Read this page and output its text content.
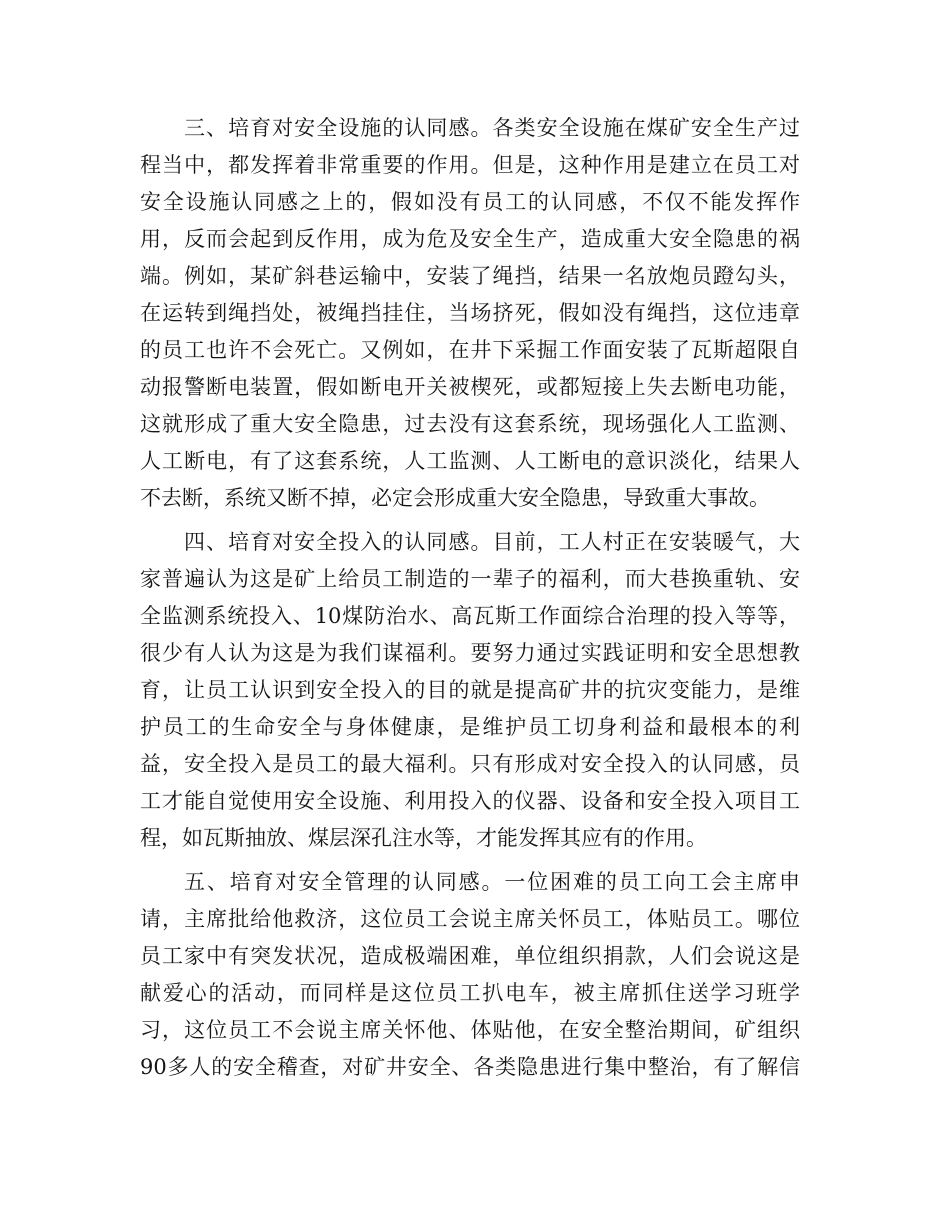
三、培育对安全设施的认同感。各类安全设施在煤矿安全生产过

程当中，都发挥着非常重要的作用。但是，这种作用是建立在员工对

安全设施认同感之上的，假如没有员工的认同感，不仅不能发挥作

用，反而会起到反作用，成为危及安全生产，造成重大安全隐患的祸

端。例如，某矿斜巷运输中，安装了绳挡，结果一名放炮员蹬勾头，

在运转到绳挡处，被绳挡挂住，当场挤死，假如没有绳挡，这位违章

的员工也许不会死亡。又例如，在井下采掘工作面安装了瓦斯超限自

动报警断电装置，假如断电开关被楔死，或都短接上失去断电功能，

这就形成了重大安全隐患，过去没有这套系统，现场强化人工监测、

人工断电，有了这套系统，人工监测、人工断电的意识淡化，结果人

不去断，系统又断不掉，必定会形成重大安全隐患，导致重大事故。

四、培育对安全投入的认同感。目前，工人村正在安装暖气，大

家普遍认为这是矿上给员工制造的一辈子的福利，而大巷换重轨、安

全监测系统投入、10煤防治水、高瓦斯工作面综合治理的投入等等，

很少有人认为这是为我们谋福利。要努力通过实践证明和安全思想教

育，让员工认识到安全投入的目的就是提高矿井的抗灾变能力，是维

护员工的生命安全与身体健康，是维护员工切身利益和最根本的利

益，安全投入是员工的最大福利。只有形成对安全投入的认同感，员

工才能自觉使用安全设施、利用投入的仪器、设备和安全投入项目工

程，如瓦斯抽放、煤层深孔注水等，才能发挥其应有的作用。

五、培育对安全管理的认同感。一位困难的员工向工会主席申

请，主席批给他救济，这位员工会说主席关怀员工，体贴员工。哪位

员工家中有突发状况，造成极端困难，单位组织捐款，人们会说这是

献爱心的活动，而同样是这位员工扒电车，被主席抓住送学习班学

习，这位员工不会说主席关怀他、体贴他，在安全整治期间，矿组织

90多人的安全稽查，对矿井安全、各类隐患进行集中整治，有了解信
